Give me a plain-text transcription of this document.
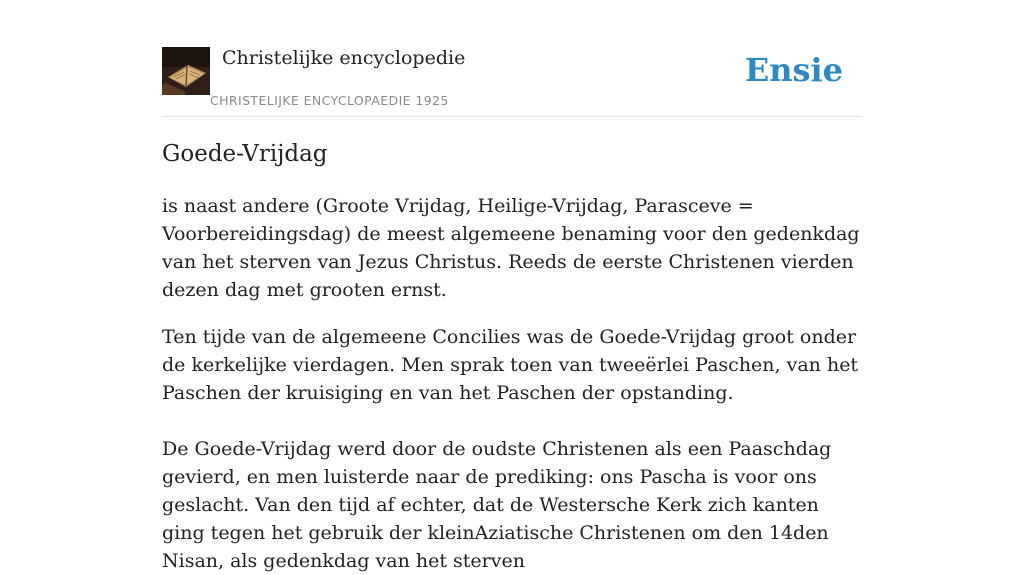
Christelijke encyclopedie
CHRISTELIJKE ENCYCLOPAEDIE 1925
Ensie
Goede-Vrijdag

is naast andere (Groote Vrijdag, Heilige-Vrijdag, Parasceve = Voorbereidingsdag) de meest algemeene benaming voor den gedenkdag van het sterven van Jezus Christus. Reeds de eerste Christenen vierden dezen dag met grooten ernst.

Ten tijde van de algemeene Concilies was de Goede-Vrijdag groot onder de kerkelijke vierdagen. Men sprak toen van tweeërlei Paschen, van het Paschen der kruisiging en van het Paschen der opstanding.

De Goede-Vrijdag werd door de oudste Christenen als een Paaschdag gevierd, en men luisterde naar de prediking: ons Pascha is voor ons geslacht. Van den tijd af echter, dat de Westersche Kerk zich kanten ging tegen het gebruik der kleinAziatische Christenen om den 14den Nisan, als gedenkdag van het sterven
